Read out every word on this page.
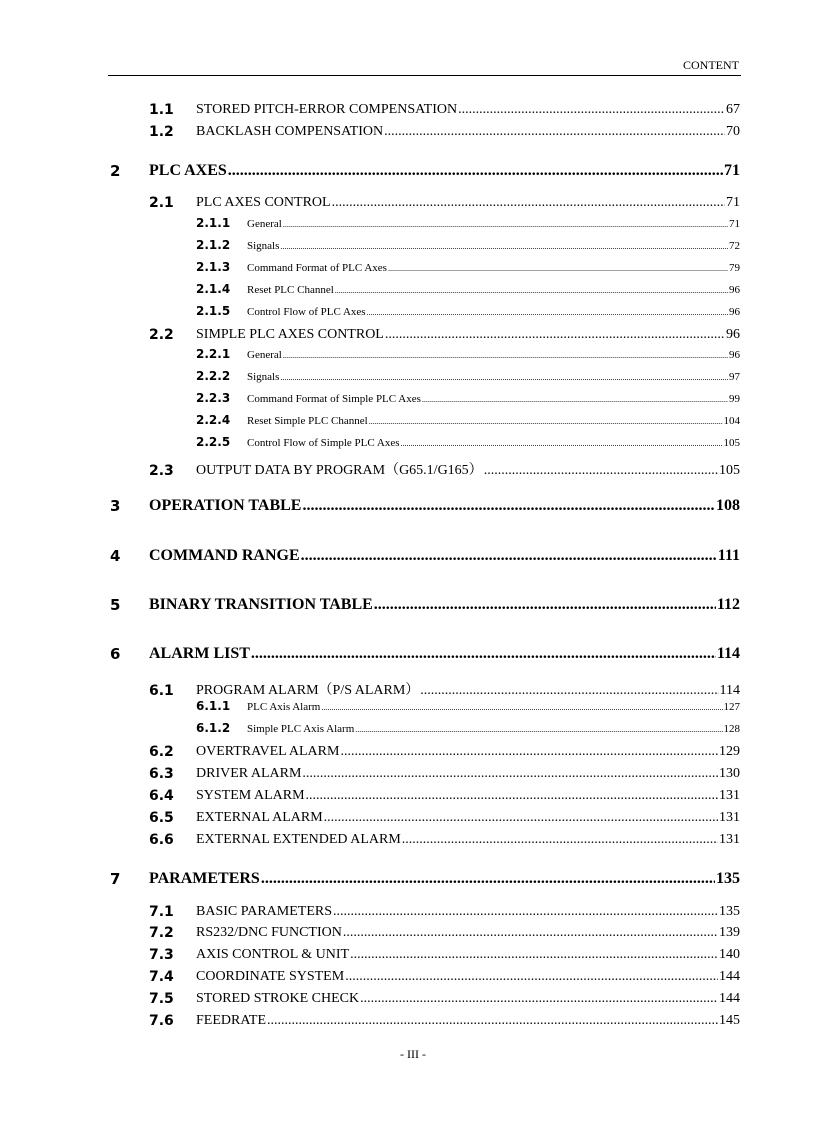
CONTENT
1.1 STORED PITCH-ERROR COMPENSATION .....	67
1.2 BACKLASH COMPENSATION .....	70
2 PLC AXES .....	71
2.1 PLC AXES CONTROL .....	71
2.1.1 General .....	71
2.1.2 Signals .....	72
2.1.3 Command Format of PLC Axes .....	79
2.1.4 Reset PLC Channel .....	96
2.1.5 Control Flow of PLC Axes .....	96
2.2 SIMPLE PLC AXES CONTROL .....	96
2.2.1 General .....	96
2.2.2 Signals .....	97
2.2.3 Command Format of Simple PLC Axes .....	99
2.2.4 Reset Simple PLC Channel .....	104
2.2.5 Control Flow of Simple PLC Axes .....	105
2.3 OUTPUT DATA BY PROGRAM（G65.1/G165） .....	105
3 OPERATION TABLE .....	108
4 COMMAND RANGE .....	111
5 BINARY TRANSITION TABLE .....	112
6 ALARM LIST .....	114
6.1 PROGRAM ALARM（P/S ALARM） .....	114
6.1.1 PLC Axis Alarm .....	127
6.1.2 Simple PLC Axis Alarm .....	128
6.2 OVERTRAVEL ALARM .....	129
6.3 DRIVER ALARM .....	130
6.4 SYSTEM ALARM .....	131
6.5 EXTERNAL ALARM .....	131
6.6 EXTERNAL EXTENDED ALARM .....	131
7 PARAMETERS .....	135
7.1 BASIC PARAMETERS .....	135
7.2 RS232/DNC FUNCTION .....	139
7.3 AXIS CONTROL & UNIT .....	140
7.4 COORDINATE SYSTEM .....	144
7.5 STORED STROKE CHECK .....	144
7.6 FEEDRATE .....	145
- III -
